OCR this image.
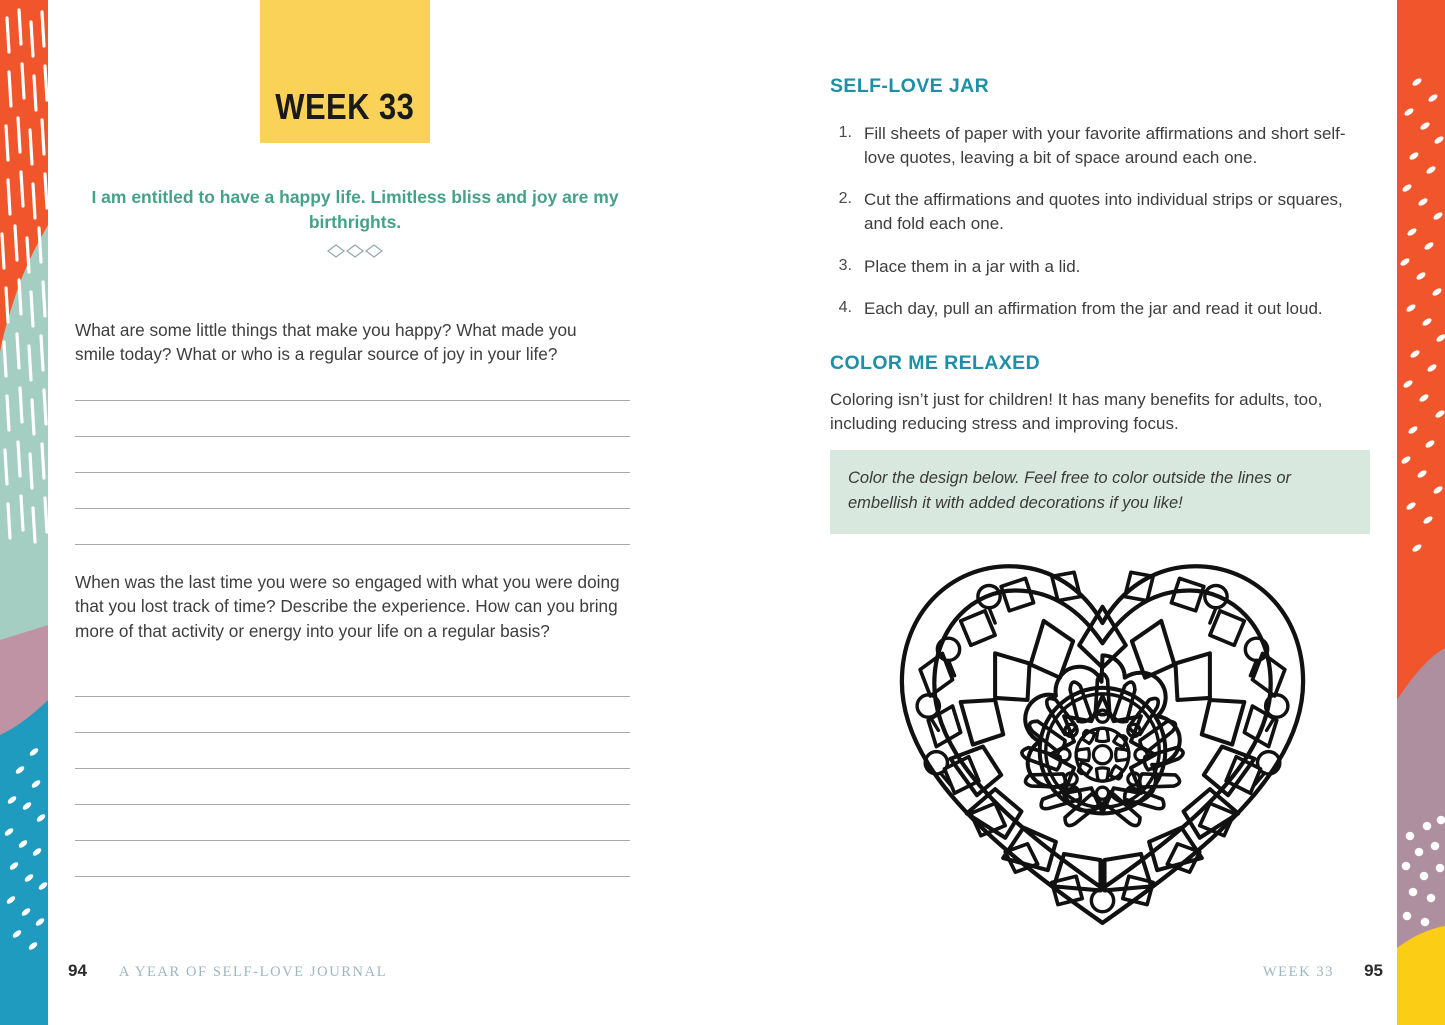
WEEK 33
I am entitled to have a happy life. Limitless bliss and joy are my birthrights.
What are some little things that make you happy? What made you smile today? What or who is a regular source of joy in your life?
When was the last time you were so engaged with what you were doing that you lost track of time? Describe the experience. How can you bring more of that activity or energy into your life on a regular basis?
94 A YEAR OF SELF-LOVE JOURNAL
SELF-LOVE JAR
1. Fill sheets of paper with your favorite affirmations and short self-love quotes, leaving a bit of space around each one.
2. Cut the affirmations and quotes into individual strips or squares, and fold each one.
3. Place them in a jar with a lid.
4. Each day, pull an affirmation from the jar and read it out loud.
COLOR ME RELAXED
Coloring isn’t just for children! It has many benefits for adults, too, including reducing stress and improving focus.
Color the design below. Feel free to color outside the lines or embellish it with added decorations if you like!
WEEK 33 95
